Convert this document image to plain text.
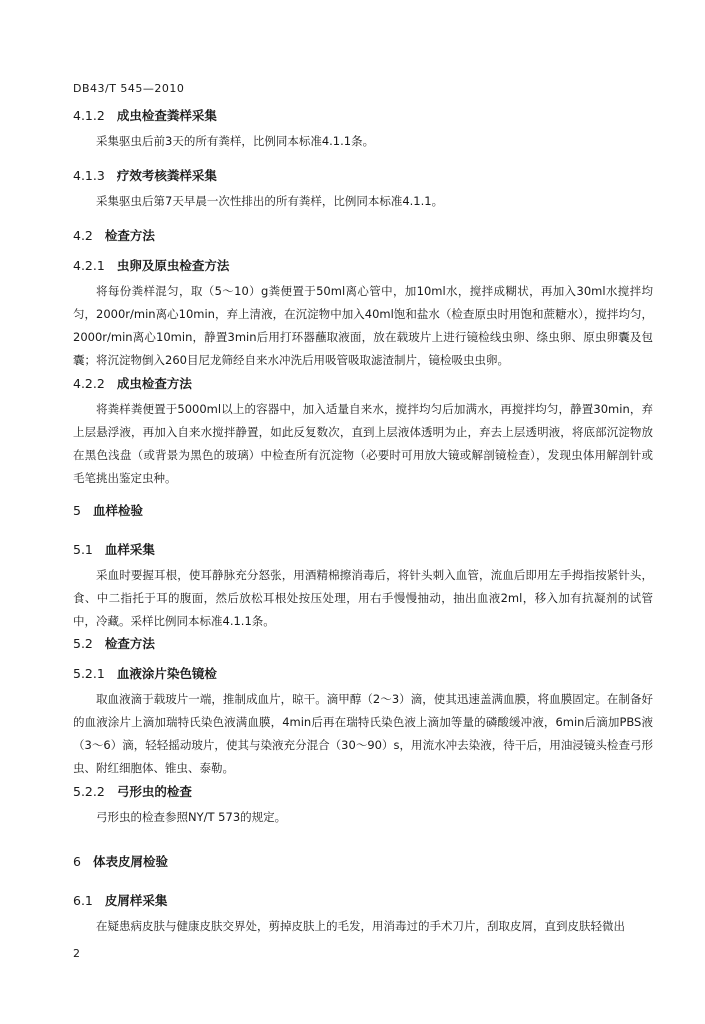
DB43/T 545—2010
4.1.2 成虫检查粪样采集
采集驱虫后前3天的所有粪样，比例同本标准4.1.1条。
4.1.3 疗效考核粪样采集
采集驱虫后第7天早晨一次性排出的所有粪样，比例同本标准4.1.1。
4.2 检查方法
4.2.1 虫卵及原虫检查方法
将每份粪样混匀，取（5～10）g粪便置于50ml离心管中，加10ml水，搅拌成糊状，再加入30ml水搅拌均匀，2000r/min离心10min，弃上清液，在沉淀物中加入40ml饱和盐水（检查原虫时用饱和蔗糖水），搅拌均匀，2000r/min离心10min，静置3min后用打环器蘸取液面，放在载玻片上进行镜检线虫卵、绦虫卵、原虫卵囊及包囊；将沉淀物倒入260目尼龙筛经自来水冲洗后用吸管吸取滤渣制片，镜检吸虫虫卵。
4.2.2 成虫检查方法
将粪样粪便置于5000ml以上的容器中，加入适量自来水，搅拌均匀后加满水，再搅拌均匀，静置30min，弃上层悬浮液，再加入自来水搅拌静置，如此反复数次，直到上层液体透明为止，弃去上层透明液，将底部沉淀物放在黑色浅盘（或背景为黑色的玻璃）中检查所有沉淀物（必要时可用放大镜或解剖镜检查），发现虫体用解剖针或毛笔挑出鉴定虫种。
5 血样检验
5.1 血样采集
采血时要握耳根，使耳静脉充分怒张，用酒精棉擦消毒后，将针头刺入血管，流血后即用左手拇指按紧针头，食、中二指托于耳的腹面，然后放松耳根处按压处理，用右手慢慢抽动，抽出血液2ml，移入加有抗凝剂的试管中，冷藏。采样比例同本标准4.1.1条。
5.2 检查方法
5.2.1 血液涂片染色镜检
取血液滴于载玻片一端，推制成血片，晾干。滴甲醇（2～3）滴，使其迅速盖满血膜，将血膜固定。在制备好的血液涂片上滴加瑞特氏染色液满血膜，4min后再在瑞特氏染色液上滴加等量的磷酸缓冲液，6min后滴加PBS液（3～6）滴，轻轻摇动玻片，使其与染液充分混合（30～90）s，用流水冲去染液，待干后，用油浸镜头检查弓形虫、附红细胞体、锥虫、泰勒。
5.2.2 弓形虫的检查
弓形虫的检查参照NY/T 573的规定。
6 体表皮屑检验
6.1 皮屑样采集
在疑患病皮肤与健康皮肤交界处，剪掉皮肤上的毛发，用消毒过的手术刀片，刮取皮屑，直到皮肤轻微出
2
